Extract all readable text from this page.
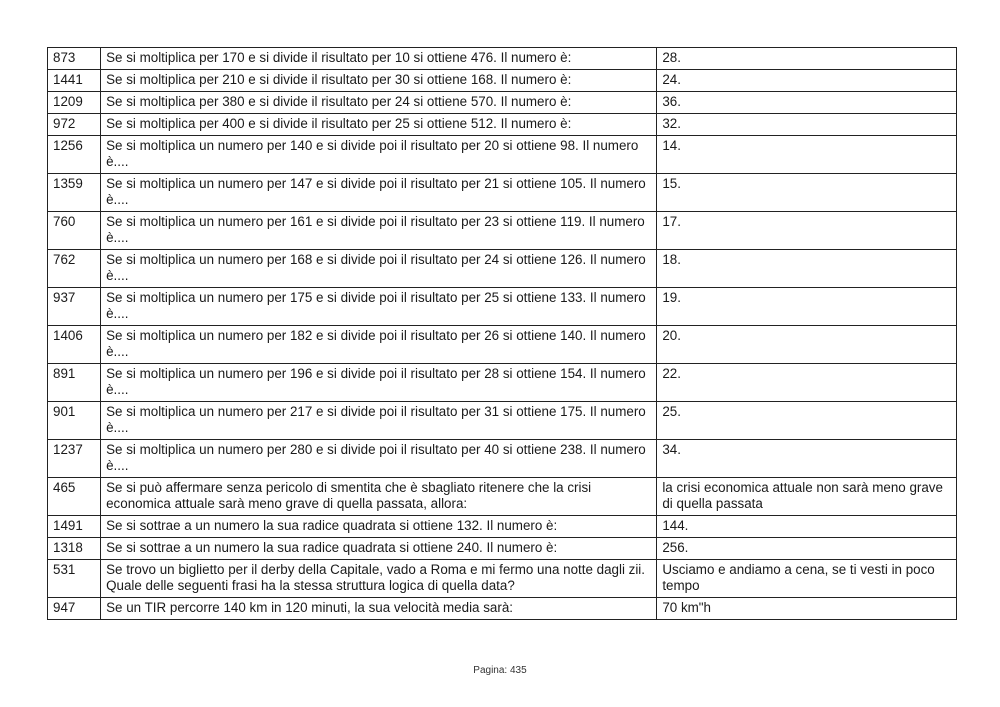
873	Se si moltiplica per 170 e si divide il risultato per 10 si ottiene 476. Il numero è:	28.
1441	Se si moltiplica per 210 e si divide il risultato per 30 si ottiene 168. Il numero è:	24.
1209	Se si moltiplica per 380 e si divide il risultato per 24 si ottiene 570. Il numero è:	36.
972	Se si moltiplica per 400 e si divide il risultato per 25 si ottiene 512. Il numero è:	32.
1256	Se si moltiplica un numero per 140 e si divide poi il risultato per 20 si ottiene 98. Il numero è....	14.
1359	Se si moltiplica un numero per 147 e si divide poi il risultato per 21 si ottiene 105. Il numero è....	15.
760	Se si moltiplica un numero per 161 e si divide poi il risultato per 23 si ottiene 119. Il numero è....	17.
762	Se si moltiplica un numero per 168 e si divide poi il risultato per 24 si ottiene 126. Il numero è....	18.
937	Se si moltiplica un numero per 175 e si divide poi il risultato per 25 si ottiene 133. Il numero è....	19.
1406	Se si moltiplica un numero per 182 e si divide poi il risultato per 26 si ottiene 140. Il numero è....	20.
891	Se si moltiplica un numero per 196 e si divide poi il risultato per 28 si ottiene 154. Il numero è....	22.
901	Se si moltiplica un numero per 217 e si divide poi il risultato per 31 si ottiene 175. Il numero è....	25.
1237	Se si moltiplica un numero per 280 e si divide poi il risultato per 40 si ottiene 238. Il numero è....	34.
465	Se si può affermare senza pericolo di smentita che è sbagliato ritenere che la crisi economica attuale sarà meno grave di quella passata, allora:	la crisi economica attuale non sarà meno grave di quella passata
1491	Se si sottrae a un numero la sua radice quadrata si ottiene 132. Il numero è:	144.
1318	Se si sottrae a un numero la sua radice quadrata si ottiene 240. Il numero è:	256.
531	Se trovo un biglietto per il derby della Capitale, vado a Roma e mi fermo una notte dagli zii. Quale delle seguenti frasi ha la stessa struttura logica di quella data?	Usciamo e andiamo a cena, se ti vesti in poco tempo
947	Se un TIR percorre 140 km in 120 minuti, la sua velocità media sarà:	70 km"h
Pagina: 435
